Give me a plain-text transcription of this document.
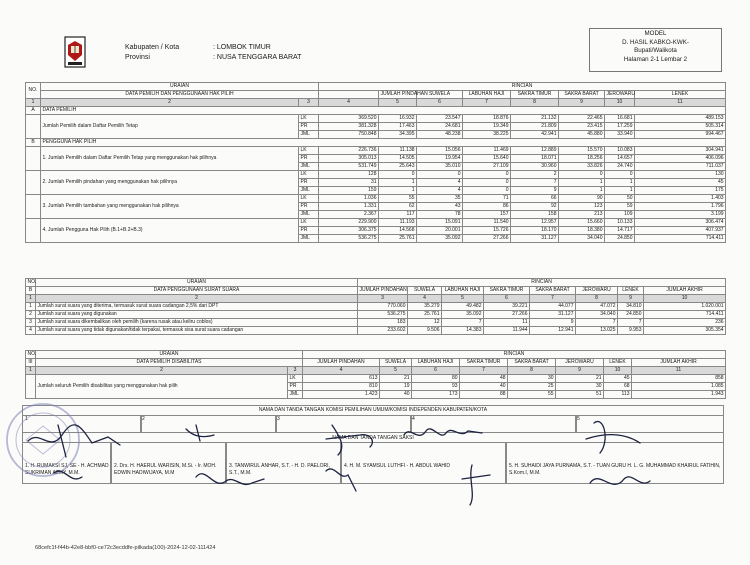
Kabupaten / Kota	: LOMBOK TIMUR
Provinsi	: NUSA TENGGARA BARAT
MODEL
D. HASIL KABKO-KWK-
Bupati/Walikota
Halaman 2-1 Lembar 2
NO.	URAIAN		RINCIAN								
	DATA PEMILIH DAN PENGGUNAAN HAK PILIH			JUMLAH PINDAHAN	SUWELA	LABUHAN HAJI	SAKRA TIMUR	SAKRA BARAT	JEROWARU	LENEK	
1	2	3	4	5	6	7	8	9	10	11	
A	DATA PEMILIH										
	Jumlah Pemilih dalam Daftar Pemilih Tetap	LK	369.520	16.932	23.547	18.876	21.132	22.465	16.681	489.153	
		PR	381.328	17.463	24.681	19.349	21.809	23.415	17.259	505.314	
		JML	750.848	34.395	48.238	38.225	42.941	45.880	33.940	994.467	
B	PENGGUNA HAK PILIH										
	1. Jumlah Pemilih dalam Daftar Pemilih Tetap yang menggunakan hak pilihnya	LK	226.736	11.138	15.056	11.469	12.889	15.570	10.083	304.941	
		PR	305.013	14.505	19.954	15.640	18.071	18.256	14.657	406.096	
		JML	531.749	25.643	35.010	27.109	30.960	33.826	24.740	711.037	
	2. Jumlah Pemilih pindahan yang menggunakan hak pilihnya	LK	128	0	0	0	2	0	0	130	
		PR	31	1	4	0	7	1	1	45	
		JML	159	1	4	0	9	1	1	175	
	3. Jumlah Pemilih tambahan yang menggunakan hak pilihnya	LK	1.036	55	35	71	66	90	50	1.403	
		PR	1.331	62	43	86	92	123	59	1.796	
		JML	2.367	117	78	157	158	213	109	3.199	
	4. Jumlah Pengguna Hak Pilih (B.1+B.2+B.3)	LK	229.900	11.193	15.091	11.540	12.957	15.660	10.133	306.474	
		PR	306.375	14.568	20.001	15.726	18.170	18.380	14.717	407.937	
		JML	536.275	25.761	35.092	27.266	31.127	34.040	24.850	714.411	
NO.	URAIAN	RINCIAN							
B	DATA PENGGUNAAN SURAT SUARA	JUMLAH PINDAHAN	SUWELA	LABUHAN HAJI	SAKRA TIMUR	SAKRA BARAT	JEROWARU	LENEK	JUMLAH AKHIR
1	2	3	4	5	6	7	8	9	10
1	Jumlah surat suara yang diterima, termasuk surat suara cadangan 2,5% dari DPT	770.060	35.279	49.482	39.221	44.077	47.072	34.810	1.020.001
2	Jumlah surat suara yang digunakan	536.275	25.761	35.092	27.266	31.127	34.040	24.850	714.411
3	Jumlah surat suara dikembalikan oleh pemilih (karena rusak atau keliru coblos)	183	12	7	11	9	7	7	236
4	Jumlah surat suara yang tidak digunakan/tidak terpakai, termasuk sisa surat suara cadangan	233.602	9.506	14.383	11.944	12.941	13.025	9.953	305.354
NO.	URAIAN		RINCIAN							
III	DATA PEMILIH DISABILITAS		JUMLAH PINDAHAN	SUWELA	LABUHAN HAJI	SAKRA TIMUR	SAKRA BARAT	JEROWARU	LENEK	JUMLAH AKHIR
1	2	3	4	5	6	7	8	9	10	11
	Jumlah seluruh Pemilih disabilitas yang menggunakan hak pilih	LK	613	21	80	48	30	21	45	858
		PR	810	19	93	40	25	30	68	1.085
		JML	1.423	40	173	88	55	51	113	1.943
NAMA DAN TANDA TANGAN KOMISI PEMILIHAN UMUM/KOMISI INDEPENDEN KABUPATEN/KOTA
1	2	3	4	5
NAMA DAN TANDA TANGAN SAKSI
1. H. RUMAKSI SJ, SE - H. ACHMAD SUKRIMAN AZMY, M.M.
2. Drs. H. HAERUL WARISIN, M.Si. - Ir. MOH. EDWIN HADIWIJAYA, M.M
3. TANWIRUL ANHAR, S.T. - H. D. PAELORI, S.T., M.M.
4. H. M. SYAMSUL LUTHFI - H. ABDUL WAHID	5. H. SUHAIDI JAYA PURNAMA, S.T. - TUAN GURU H. L. G. MUHAMMAD KHAIRUL FATIHIN, S.Kom.I, M.M.
68cefc1f-f44b-42e8-bbf0-ce72c3ecddfe-pilkada(100)-2024-12-02-111424
